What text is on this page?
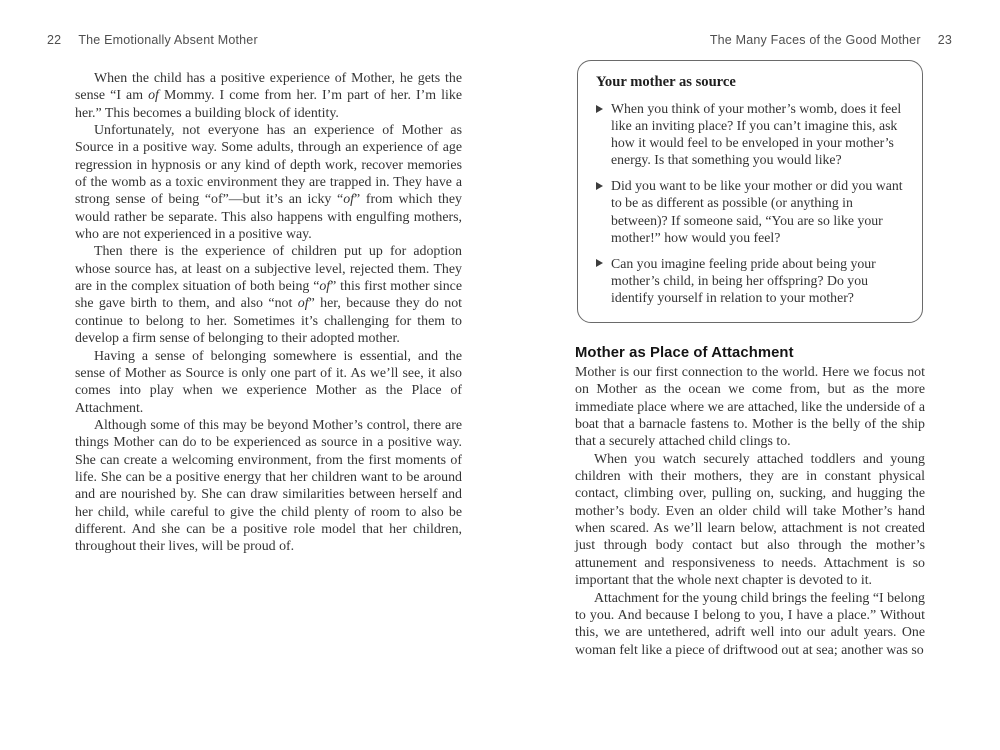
22 The Emotionally Absent Mother	The Many Faces of the Good Mother 23

When the child has a positive experience of Mother, he gets the sense “I am of Mommy. I come from her. I’m part of her. I’m like her.” This becomes a building block of identity.

Unfortunately, not everyone has an experience of Mother as Source in a positive way. Some adults, through an experience of age regression in hypnosis or any kind of depth work, recover memories of the womb as a toxic environment they are trapped in. They have a strong sense of being “of”—but it’s an icky “of” from which they would rather be separate. This also happens with engulfing mothers, who are not experienced in a positive way.

Then there is the experience of children put up for adoption whose source has, at least on a subjective level, rejected them. They are in the complex situation of both being “of” this first mother since she gave birth to them, and also “not of” her, because they do not continue to belong to her. Sometimes it’s challenging for them to develop a firm sense of belonging to their adopted mother.

Having a sense of belonging somewhere is essential, and the sense of Mother as Source is only one part of it. As we’ll see, it also comes into play when we experience Mother as the Place of Attachment.

Although some of this may be beyond Mother’s control, there are things Mother can do to be experienced as source in a positive way. She can create a welcoming environment, from the first moments of life. She can be a positive energy that her children want to be around and are nourished by. She can draw similarities between herself and her child, while careful to give the child plenty of room to also be different. And she can be a positive role model that her children, throughout their lives, will be proud of.

Your mother as source
When you think of your mother’s womb, does it feel like an inviting place? If you can’t imagine this, ask how it would feel to be enveloped in your mother’s energy. Is that something you would like?
Did you want to be like your mother or did you want to be as different as possible (or anything in between)? If someone said, “You are so like your mother!” how would you feel?
Can you imagine feeling pride about being your mother’s child, in being her offspring? Do you identify yourself in relation to your mother?
Mother as Place of Attachment

Mother is our first connection to the world. Here we focus not on Mother as the ocean we come from, but as the more immediate place where we are attached, like the underside of a boat that a barnacle fastens to. Mother is the belly of the ship that a securely attached child clings to.

When you watch securely attached toddlers and young children with their mothers, they are in constant physical contact, climbing over, pulling on, sucking, and hugging the mother’s body. Even an older child will take Mother’s hand when scared. As we’ll learn below, attachment is not created just through body contact but also through the mother’s attunement and responsiveness to needs. Attachment is so important that the whole next chapter is devoted to it.

Attachment for the young child brings the feeling “I belong to you. And because I belong to you, I have a place.” Without this, we are untethered, adrift well into our adult years. One woman felt like a piece of driftwood out at sea; another was so
